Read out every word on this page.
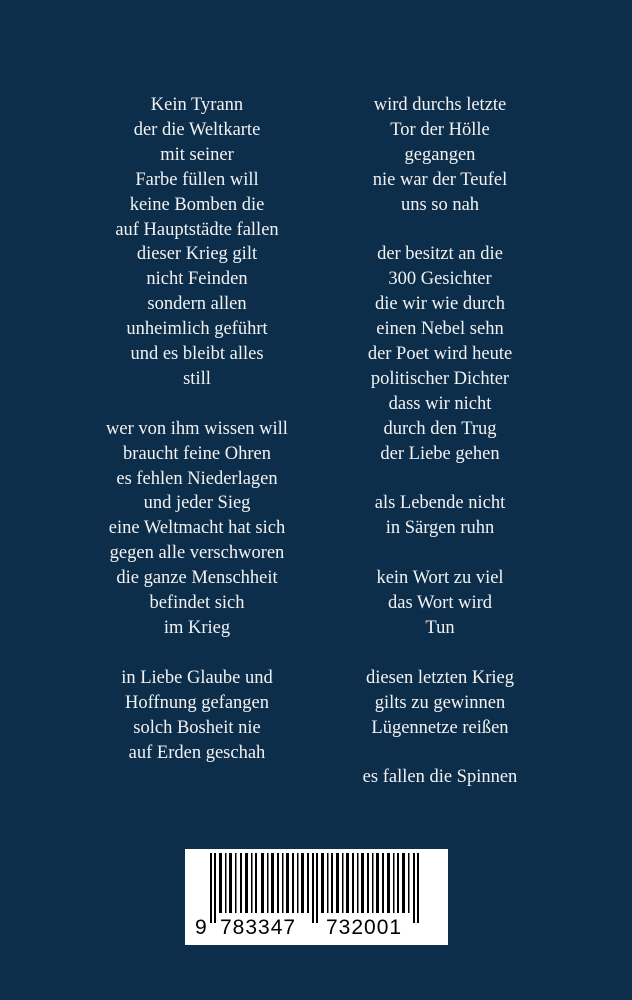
Kein Tyrann
der die Weltkarte
mit seiner
Farbe füllen will
keine Bomben die
auf Hauptstädte fallen
dieser Krieg gilt
nicht Feinden
sondern allen
unheimlich geführt
und es bleibt alles
still
wer von ihm wissen will
braucht feine Ohren
es fehlen Niederlagen
und jeder Sieg
eine Weltmacht hat sich
gegen alle verschworen
die ganze Menschheit
befindet sich
im Krieg
in Liebe Glaube und
Hoffnung gefangen
solch Bosheit nie
auf Erden geschah
wird durchs letzte
Tor der Hölle
gegangen
nie war der Teufel
uns so nah
der besitzt an die
300 Gesichter
die wir wie durch
einen Nebel sehn
der Poet wird heute
politischer Dichter
dass wir nicht
durch den Trug
der Liebe gehen
als Lebende nicht
in Särgen ruhn
kein Wort zu viel
das Wort wird
Tun
diesen letzten Krieg
gilts zu gewinnen
Lügennetze reißen
es fallen die Spinnen
9 783347 732001
